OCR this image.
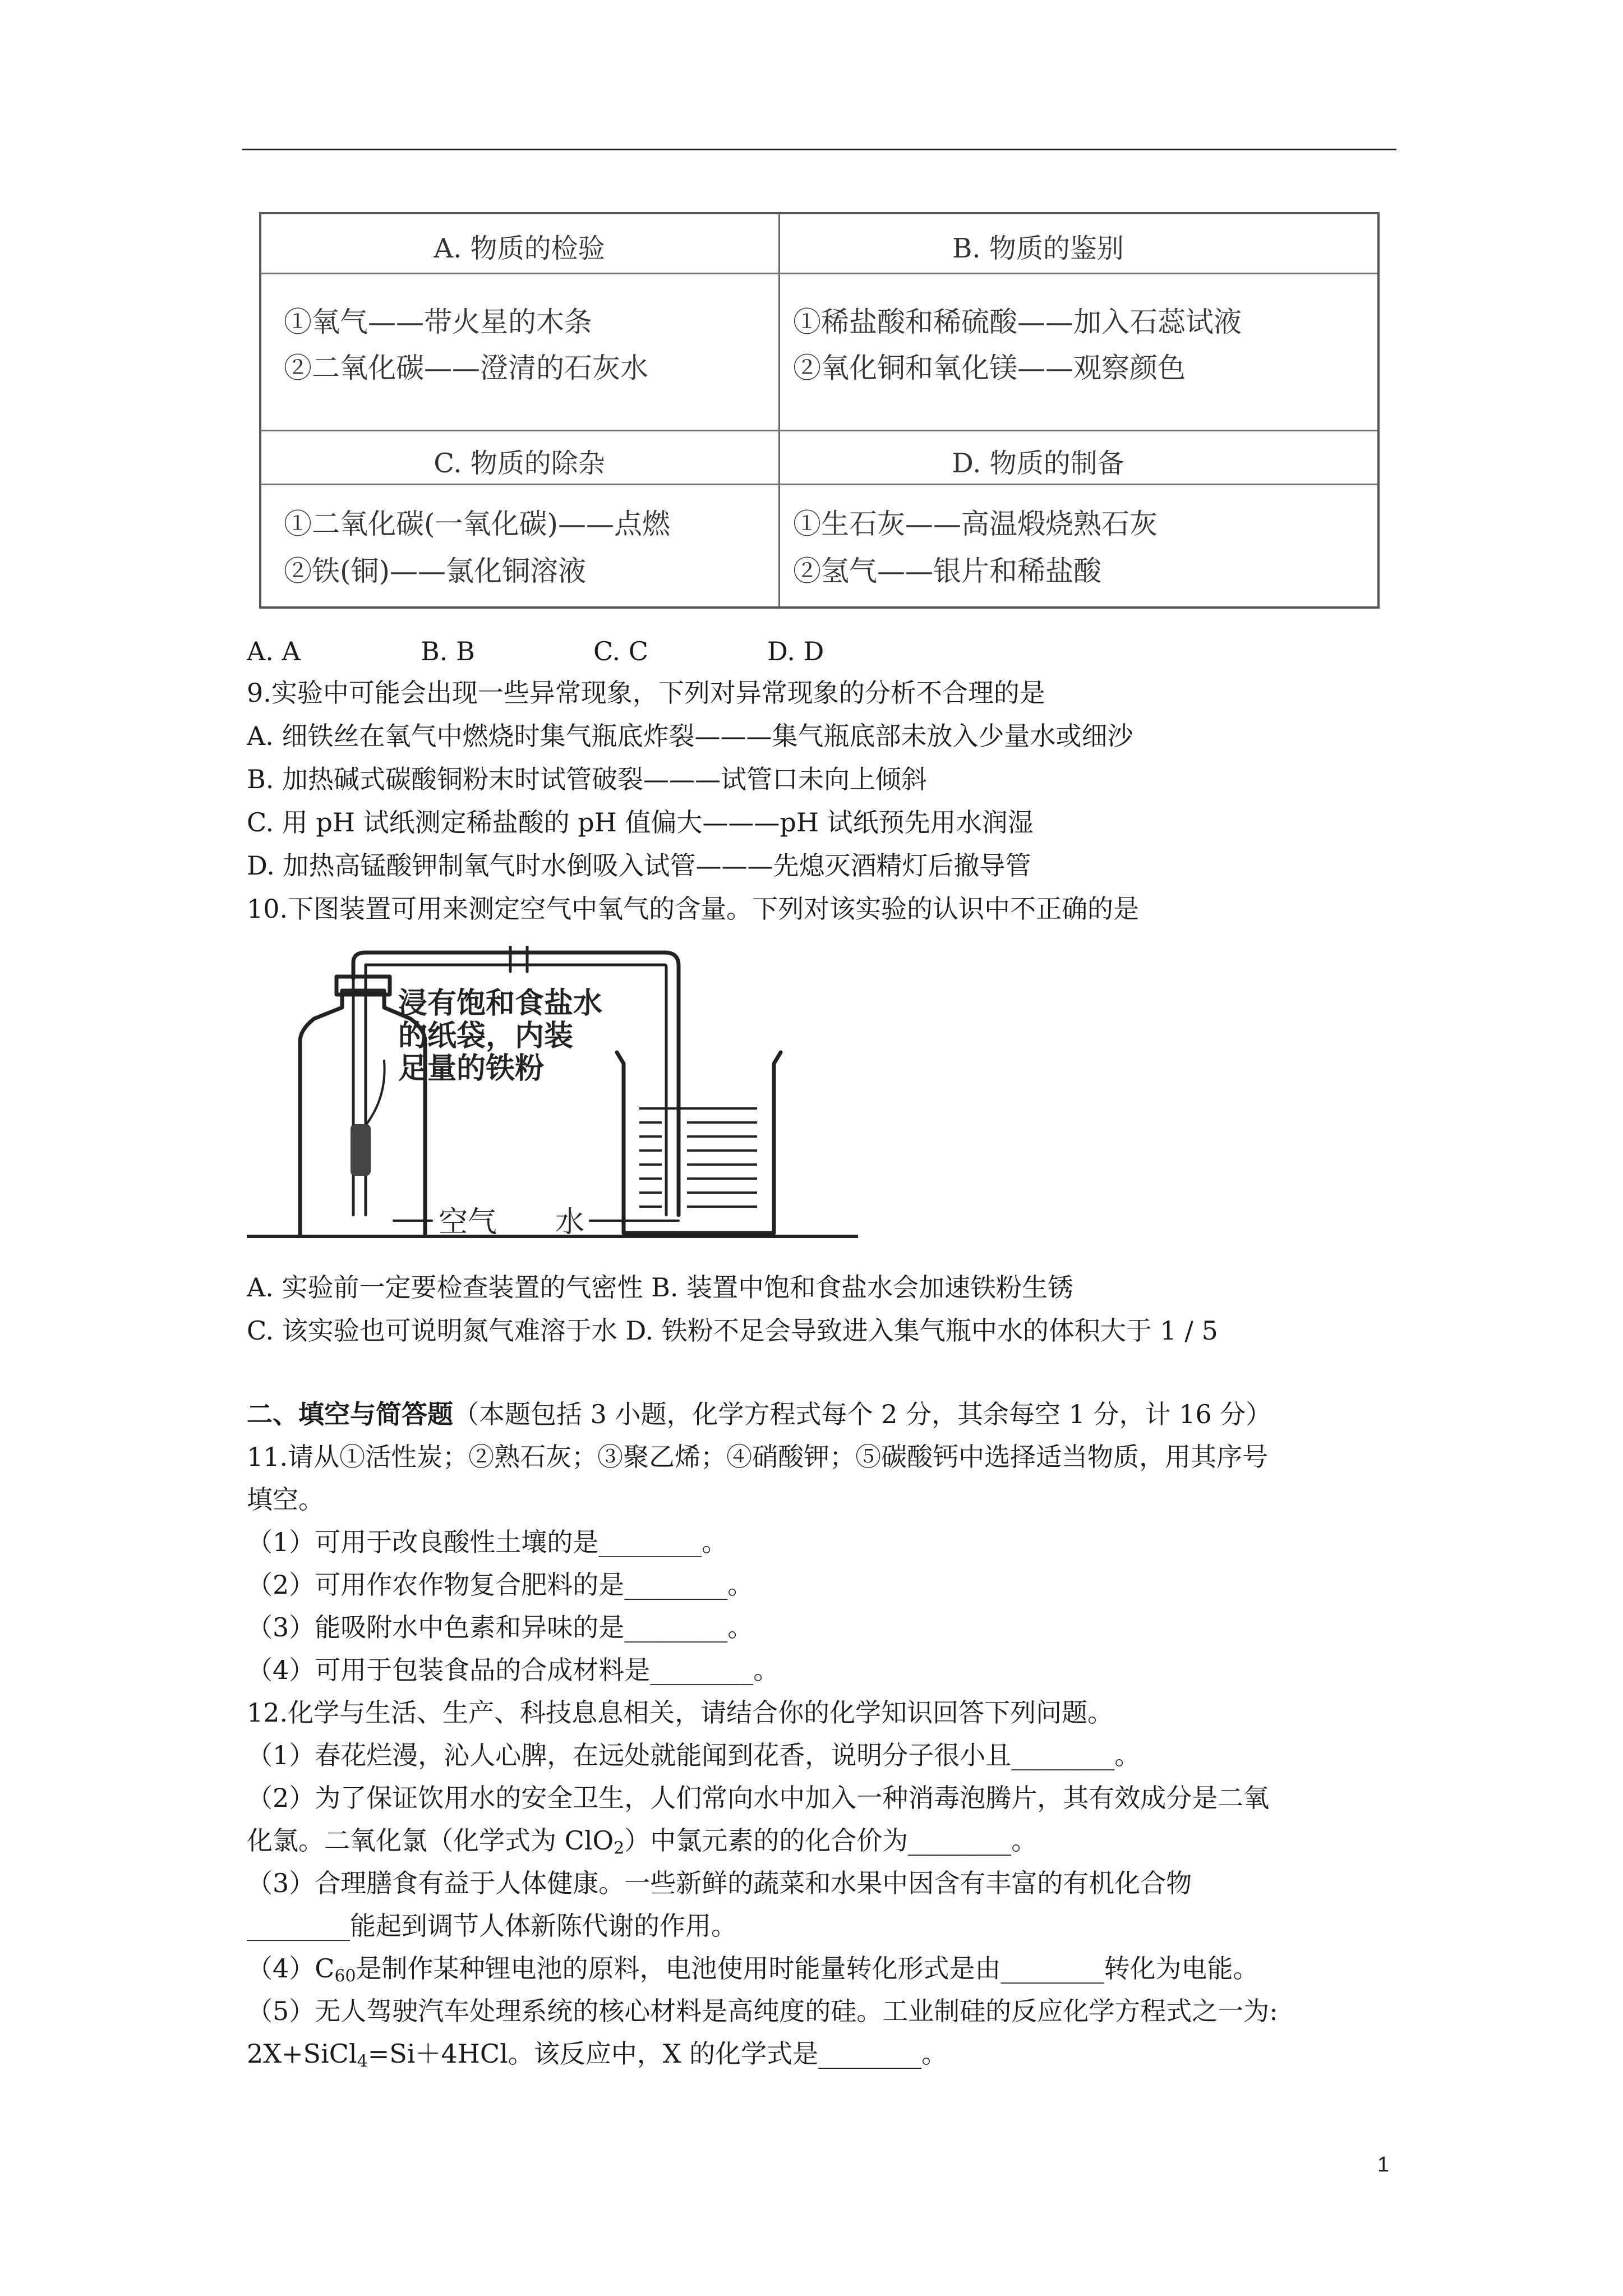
A. 物质的检验	B. 物质的鉴别
①氧气——带火星的木条
②二氧化碳——澄清的石灰水
①稀盐酸和稀硫酸——加入石蕊试液
②氧化铜和氧化镁——观察颜色
C. 物质的除杂	D. 物质的制备
①二氧化碳(一氧化碳)——点燃
②铁(铜)——氯化铜溶液
①生石灰——高温煅烧熟石灰
②氢气——银片和稀盐酸
A. A	B. B	C. C	D. D
9.实验中可能会出现一些异常现象，下列对异常现象的分析不合理的是
A. 细铁丝在氧气中燃烧时集气瓶底炸裂———集气瓶底部未放入少量水或细沙
B. 加热碱式碳酸铜粉末时试管破裂———试管口未向上倾斜
C. 用 pH 试纸测定稀盐酸的 pH 值偏大———pH 试纸预先用水润湿
D. 加热高锰酸钾制氧气时水倒吸入试管———先熄灭酒精灯后撤导管
10.下图装置可用来测定空气中氧气的含量。下列对该实验的认识中不正确的是
浸有饱和食盐水
的纸袋，内装
足量的铁粉
空气 水
A. 实验前一定要检查装置的气密性 B. 装置中饱和食盐水会加速铁粉生锈
C. 该实验也可说明氮气难溶于水 D. 铁粉不足会导致进入集气瓶中水的体积大于 1 / 5
二、填空与简答题（本题包括 3 小题，化学方程式每个 2 分，其余每空 1 分，计 16 分）
11.请从①活性炭；②熟石灰；③聚乙烯；④硝酸钾；⑤碳酸钙中选择适当物质，用其序号
填空。
（1）可用于改良酸性土壤的是________。
（2）可用作农作物复合肥料的是________。
（3）能吸附水中色素和异味的是________。
（4）可用于包装食品的合成材料是________。
12.化学与生活、生产、科技息息相关，请结合你的化学知识回答下列问题。
（1）春花烂漫，沁人心脾，在远处就能闻到花香，说明分子很小且________。
（2）为了保证饮用水的安全卫生，人们常向水中加入一种消毒泡腾片，其有效成分是二氧
化氯。二氧化氯（化学式为 ClO$_2$）中氯元素的的化合价为________。
（3）合理膳食有益于人体健康。一些新鲜的蔬菜和水果中因含有丰富的有机化合物
________能起到调节人体新陈代谢的作用。
$(4)C_{60}$是制作某种锂电池的原料，电池使用时能量转化形式是由________转化为电能。
（5）无人驾驶汽车处理系统的核心材料是高纯度的硅。工业制硅的反应化学方程式之一为:
2X+SiCl$_4$=Si＋4HCl。该反应中，X 的化学式是________。
1
